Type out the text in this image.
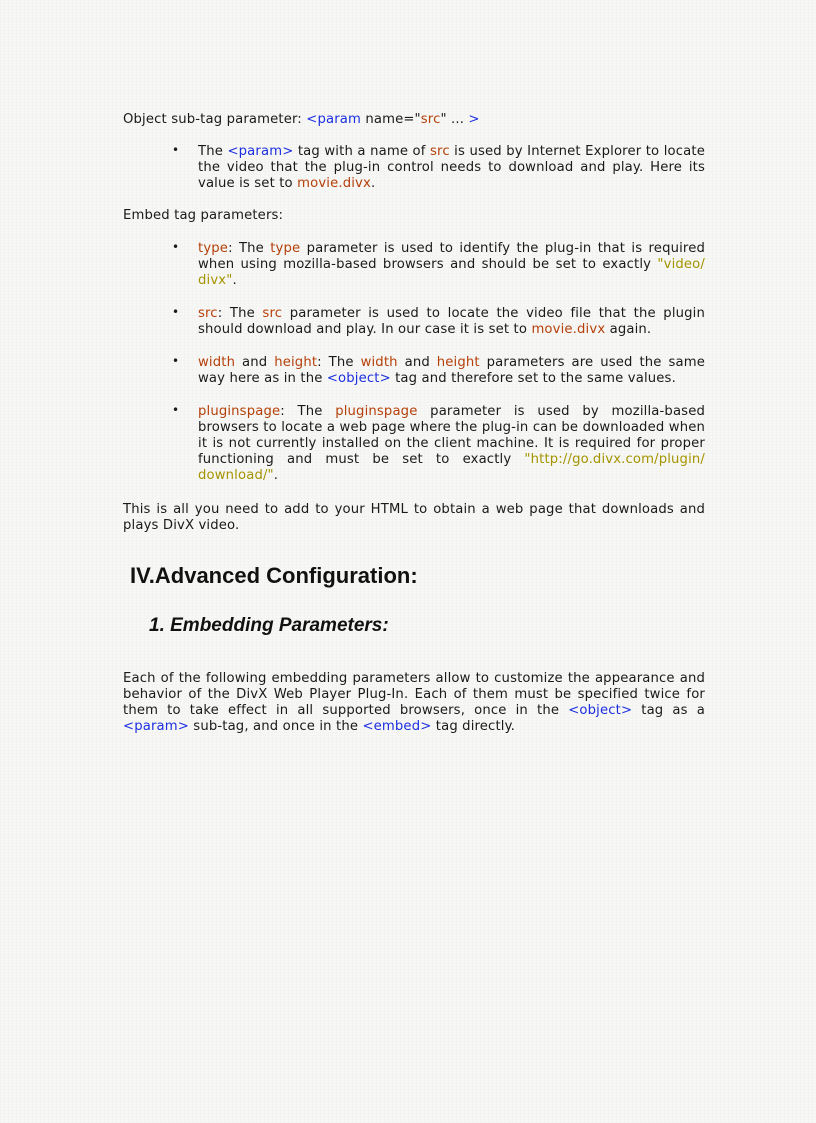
Object sub-tag parameter: <param name="src" ... >

• The <param> tag with a name of src is used by Internet Explorer to locate the video that the plug-in control needs to download and play. Here its value is set to movie.divx.

Embed tag parameters:

• type: The type parameter is used to identify the plug-in that is required when using mozilla-based browsers and should be set to exactly "video/ divx".
• src: The src parameter is used to locate the video file that the plugin should download and play. In our case it is set to movie.divx again.
• width and height: The width and height parameters are used the same way here as in the <object> tag and therefore set to the same values.
• pluginspage: The pluginspage parameter is used by mozilla-based browsers to locate a web page where the plug-in can be downloaded when it is not currently installed on the client machine. It is required for proper functioning and must be set to exactly "http://go.divx.com/plugin/ download/".

This is all you need to add to your HTML to obtain a web page that downloads and plays DivX video.

IV.Advanced Configuration:
1. Embedding Parameters:

Each of the following embedding parameters allow to customize the appearance and behavior of the DivX Web Player Plug-In. Each of them must be specified twice for them to take effect in all supported browsers, once in the <object> tag as a <param> sub-tag, and once in the <embed> tag directly.
